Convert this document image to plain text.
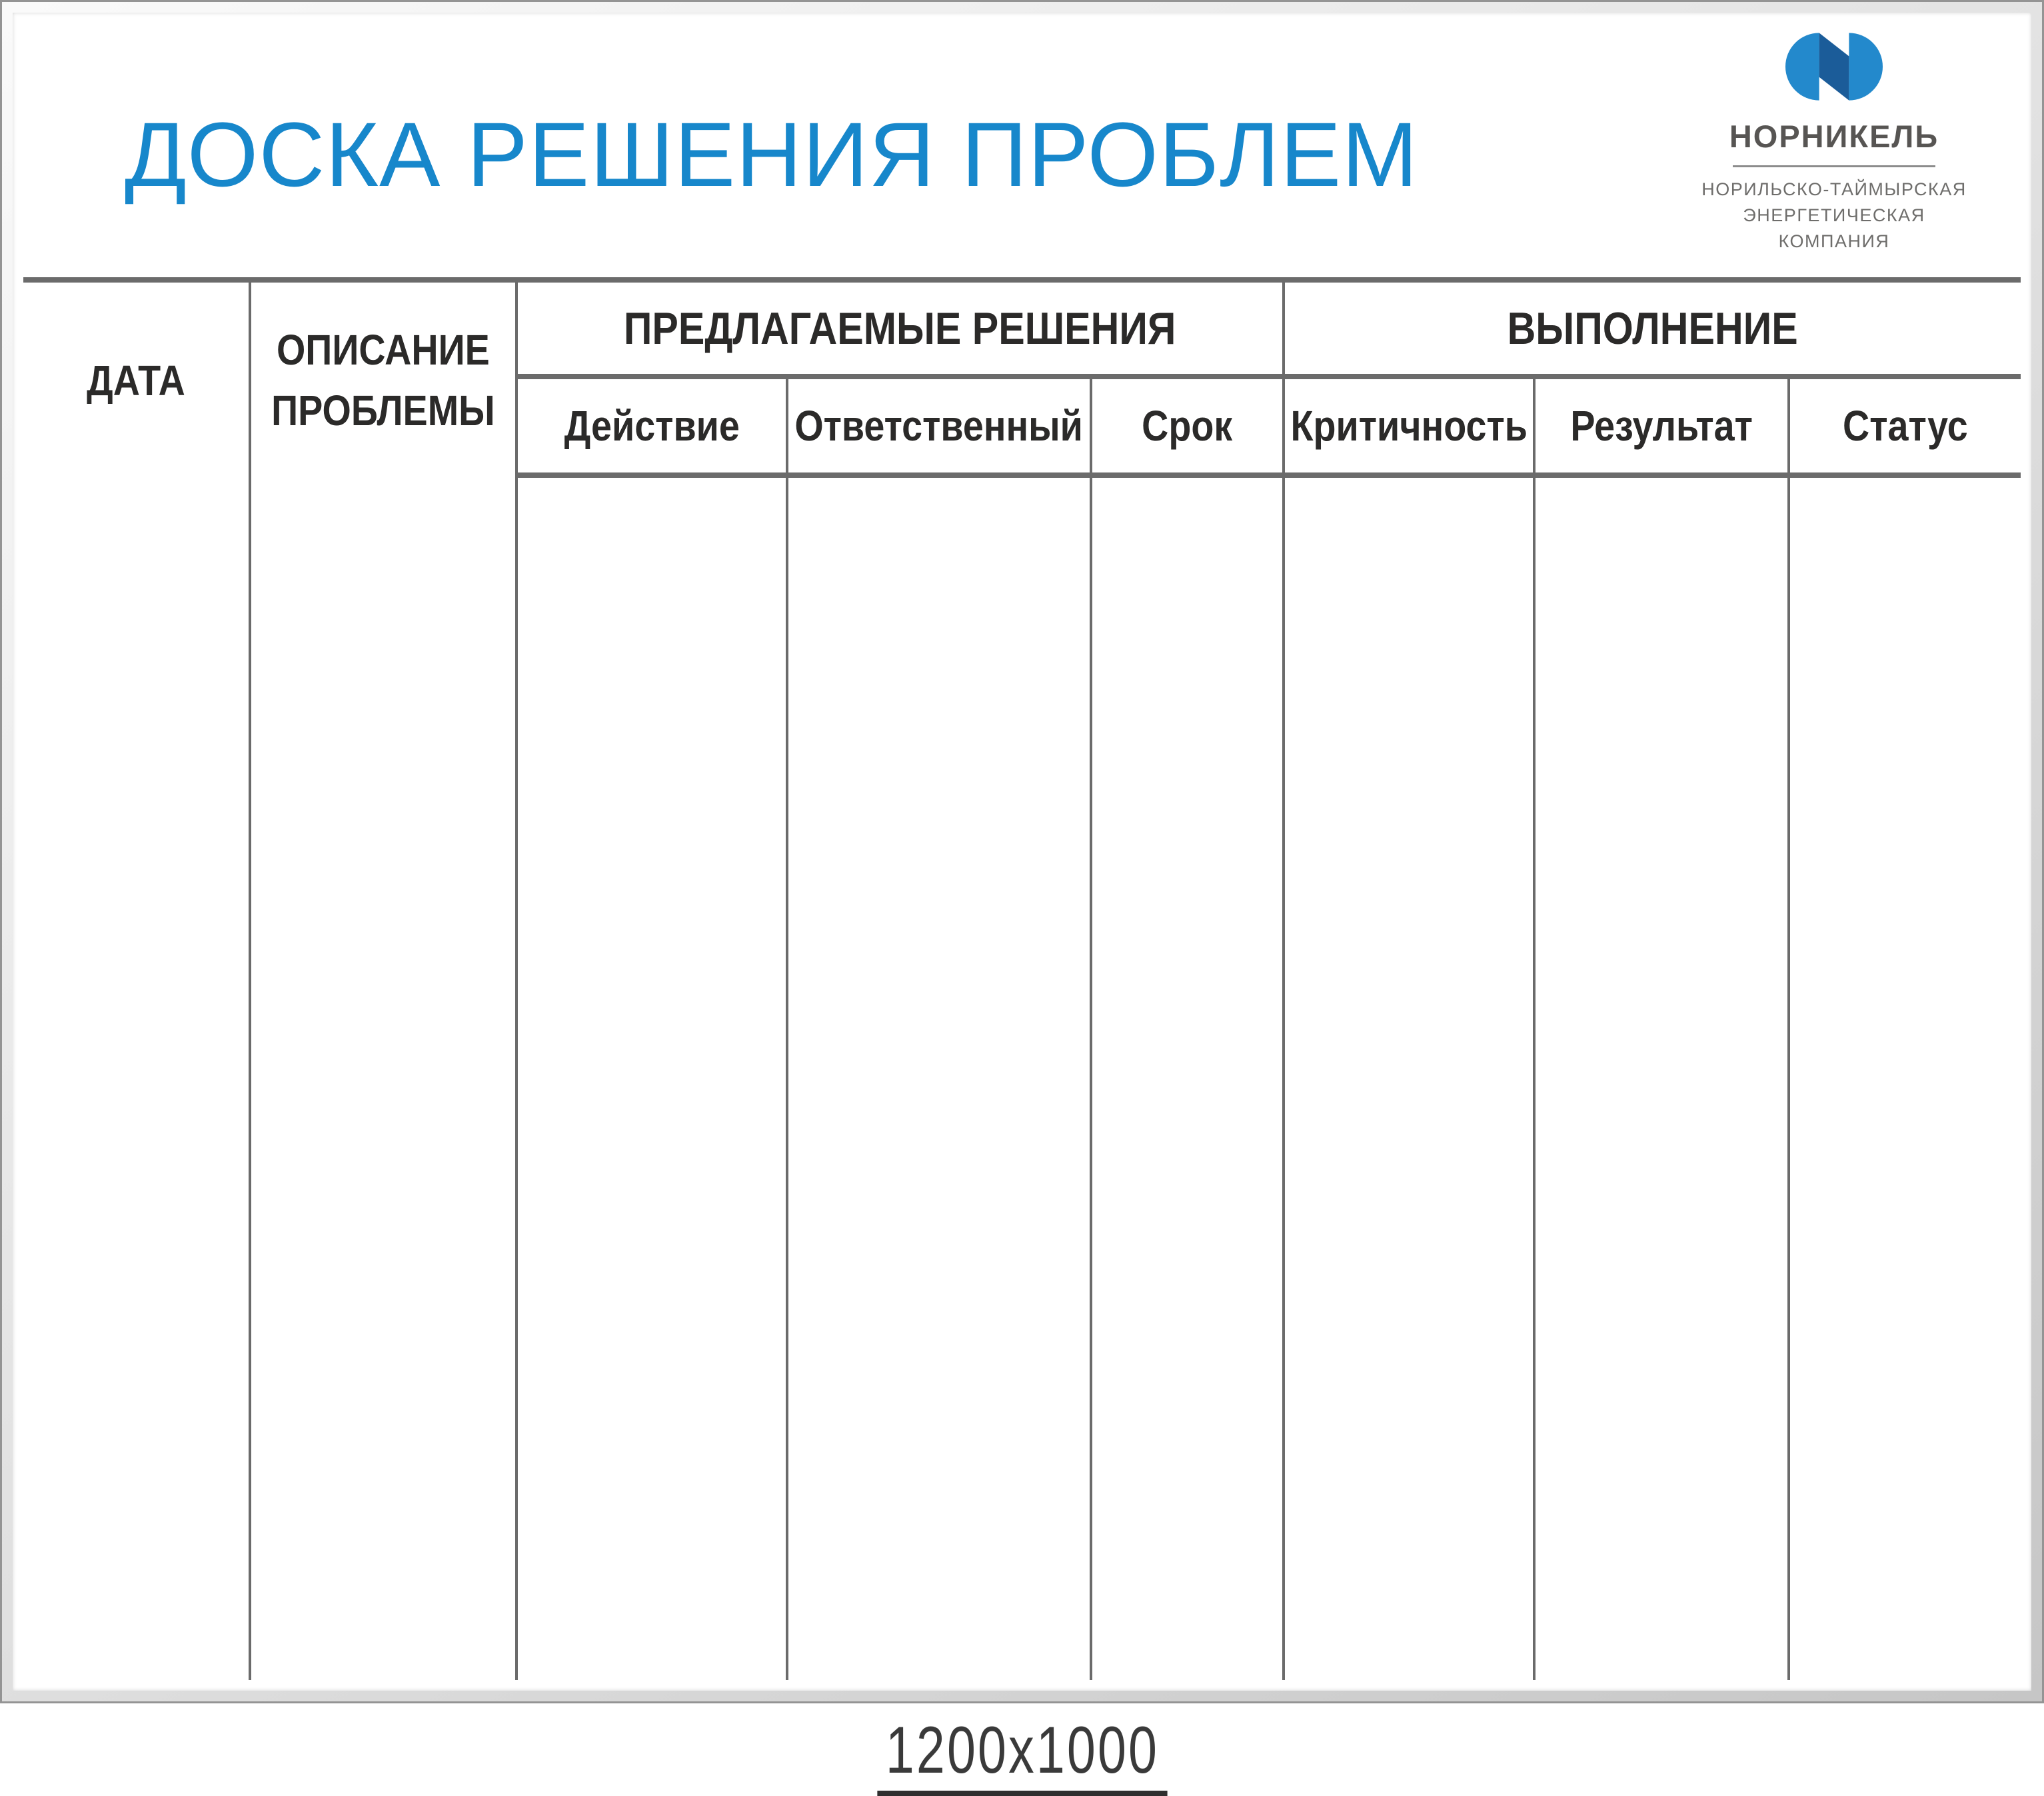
ДОСКА РЕШЕНИЯ ПРОБЛЕМ	НОРНИКЕЛЬ
НОРИЛЬСКО-ТАЙМЫРСКАЯ
ЭНЕРГЕТИЧЕСКАЯ
КОМПАНИЯ
ДАТА
ОПИСАНИЕ ПРОБЛЕМЫ
ПРЕДЛАГАЕМЫЕ РЕШЕНИЯ	ВЫПОЛНЕНИЕ
Действие Ответственный Срок Критичность Результат Статус
1200x1000
